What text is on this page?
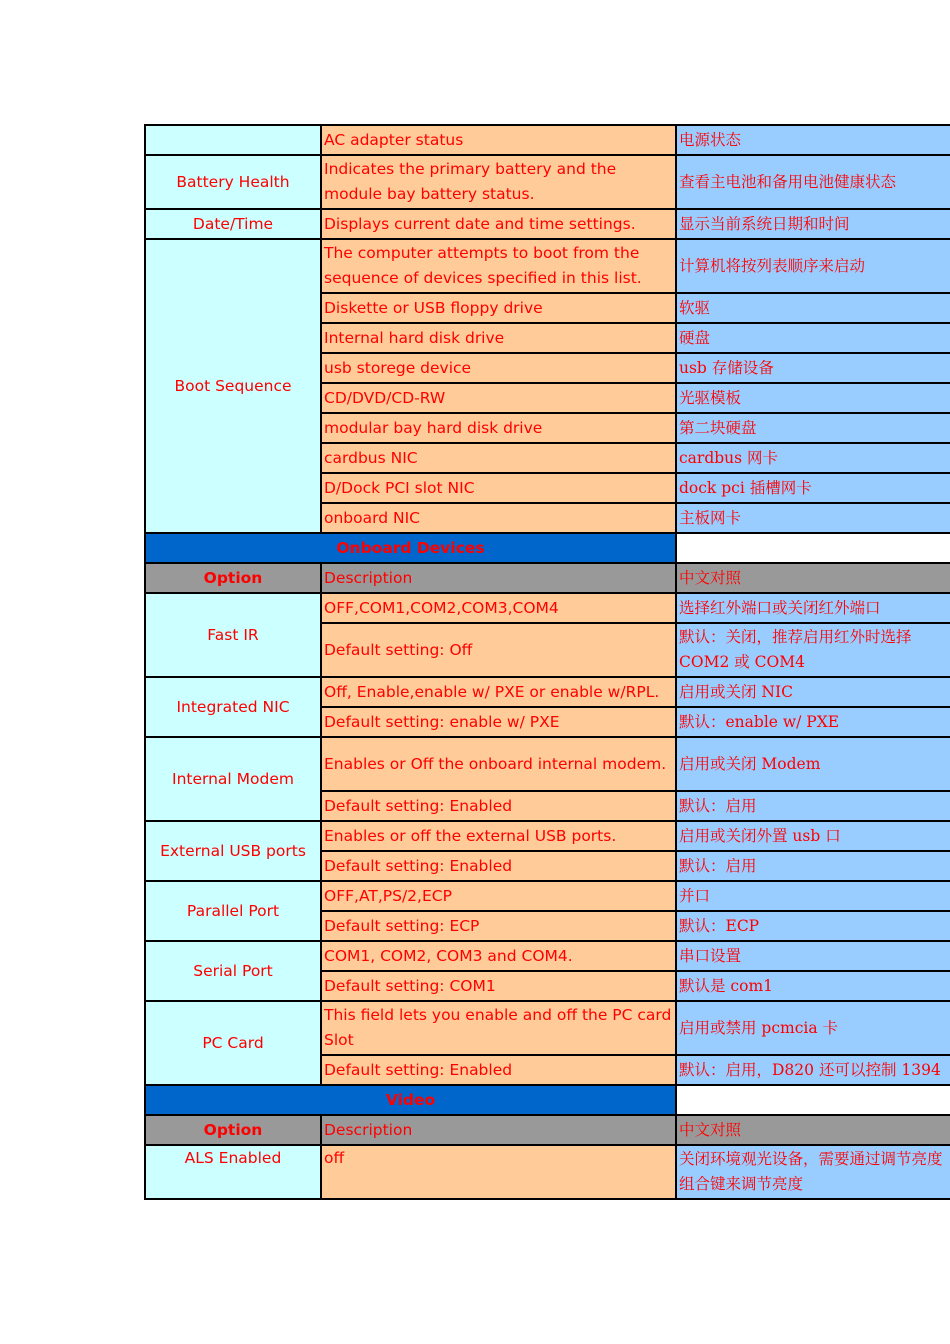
	AC adapter status	电源状态
Battery Health	Indicates the primary battery and the module bay battery status.	查看主电池和备用电池健康状态
Date/Time	Displays current date and time settings.	显示当前系统日期和时间
Boot Sequence	The computer attempts to boot from the sequence of devices specified in this list.	计算机将按列表顺序来启动
	Diskette or USB floppy drive	软驱
	Internal hard disk drive	硬盘
	usb storege device	usb 存储设备
	CD/DVD/CD-RW	光驱模板
	modular bay hard disk drive	第二块硬盘
	cardbus NIC	cardbus 网卡
	D/Dock PCI slot NIC	dock pci 插槽网卡
	onboard NIC	主板网卡
Onboard Devices		
Option	Description	中文对照
Fast IR	OFF,COM1,COM2,COM3,COM4	选择红外端口或关闭红外端口
	Default setting: Off	默认：关闭，推荐启用红外时选择 COM2 或 COM4
Integrated NIC	Off, Enable,enable w/ PXE or enable w/RPL.	启用或关闭 NIC
	Default setting: enable w/ PXE	默认：enable w/ PXE
Internal Modem	Enables or Off the onboard internal modem.	启用或关闭 Modem
	Default setting: Enabled	默认：启用
External USB ports	Enables or off the external USB ports.	启用或关闭外置 usb 口
	Default setting: Enabled	默认：启用
Parallel Port	OFF,AT,PS/2,ECP	并口
	Default setting: ECP	默认：ECP
Serial Port	COM1, COM2, COM3 and COM4.	串口设置
	Default setting: COM1	默认是 com1
PC Card	This field lets you enable and off the PC card Slot	启用或禁用 pcmcia 卡
	Default setting: Enabled	默认：启用，D820 还可以控制 1394
Video		
Option	Description	中文对照
ALS Enabled	off	关闭环境观光设备，需要通过调节亮度组合键来调节亮度
